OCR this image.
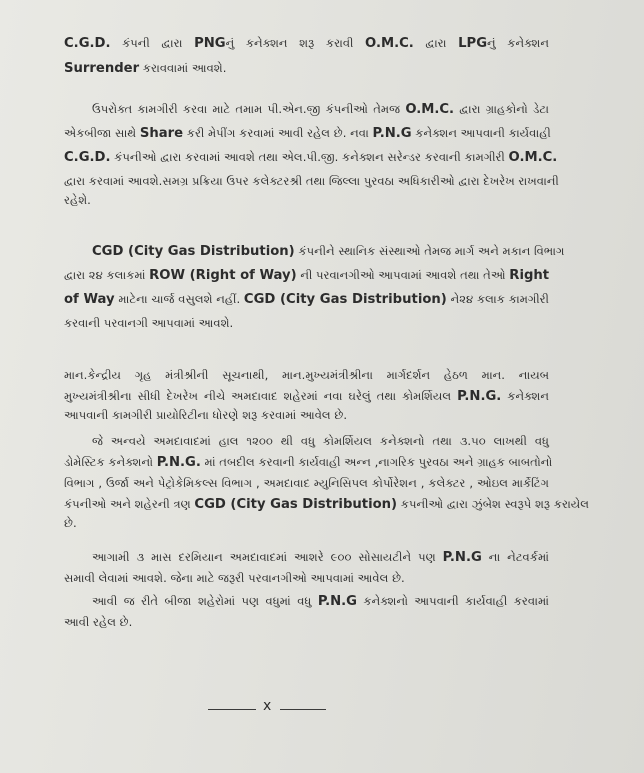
C.G.D. કંપની દ્વારા PNGનું કનેક્શન શરૂ કરાવી O.M.C. દ્વારા LPGનું કનેક્શન
Surrender કરાવવામાં આવશે.
ઉપરોક્ત કામગીરી કરવા માટે તમામ પી.એન.જી કંપનીઓ તેમજ O.M.C. દ્વારા ગ્રાહકોનો ડેટા
એકબીજા સાથે Share કરી મેપીંગ કરવામાં આવી રહેલ છે. નવા P.N.G કનેક્શન આપવાની કાર્યવાહી
C.G.D. કંપનીઓ દ્વારા કરવામાં આવશે તથા એલ.પી.જી. કનેક્શન સરેન્ડર કરવાની કામગીરી O.M.C.
દ્વારા કરવામાં આવશે.સમગ્ર પ્રક્રિયા ઉપર કલેક્ટરશ્રી તથા જિલ્લા પુરવઠા અધિકારીઓ દ્વારા દેખરેખ રાખવાની
રહેશે.
CGD (City Gas Distribution) કંપનીને સ્થાનિક સંસ્થાઓ તેમજ માર્ગ અને મકાન વિભાગ
દ્વારા ૨૪ કલાકમાં ROW (Right of Way) ની પરવાનગીઓ આપવામાં આવશે તથા તેઓ Right
of Way માટેના ચાર્જ વસુલશે નહીં. CGD (City Gas Distribution) ને૨૪ કલાક કામગીરી
કરવાની પરવાનગી આપવામાં આવશે.
માન.કેન્દ્રીય ગૃહ મંત્રીશ્રીની સૂચનાથી, માન.મુખ્યમંત્રીશ્રીના માર્ગદર્શન હેઠળ માન. નાયબ
મુખ્યમંત્રીશ્રીના સીધી દેખરેખ નીચે અમદાવાદ શહેરમાં નવા ઘરેલું તથા કોમર્શિયલ P.N.G. કનેક્શન
આપવાની કામગીરી પ્રાયોરિટીના ધોરણે શરૂ કરવામાં આવેલ છે.
જે અન્વયે અમદાવાદમાં હાલ ૧૨૦૦ થી વધુ કોમર્શિયલ કનેક્શનો તથા ૩.૫૦ લાખથી વધુ
ડોમેસ્ટિક કનેક્શનો P.N.G. માં તબદીલ કરવાની કાર્યવાહી અન્ન ,નાગરિક પુરવઠા અને ગ્રાહક બાબતોનો
વિભાગ , ઉર્જા અને પેટ્રોકેમિકલ્સ વિભાગ , અમદાવાદ મ્યુનિસિપલ કોર્પોરેશન , કલેક્ટર , ઓઇલ માર્કેટિંગ
કંપનીઓ અને શહેરની ત્રણ CGD (City Gas Distribution) કપનીઓ દ્વારા ઝુંબેશ સ્વરૂપે શરૂ કરાયેલ
છે.
આગામી ૩ માસ દરમિયાન અમદાવાદમાં આશરે ૯૦૦ સોસાયટીને પણ P.N.G ના નેટવર્કમાં
સમાવી લેવામાં આવશે. જેના માટે જરૂરી પરવાનગીઓ આપવામાં આવેલ છે.
આવી જ રીતે બીજા શહેરોમાં પણ વધુમાં વધુ P.N.G કનેક્શનો આપવાની કાર્યવાહી કરવામાં
આવી રહેલ છે.
x
